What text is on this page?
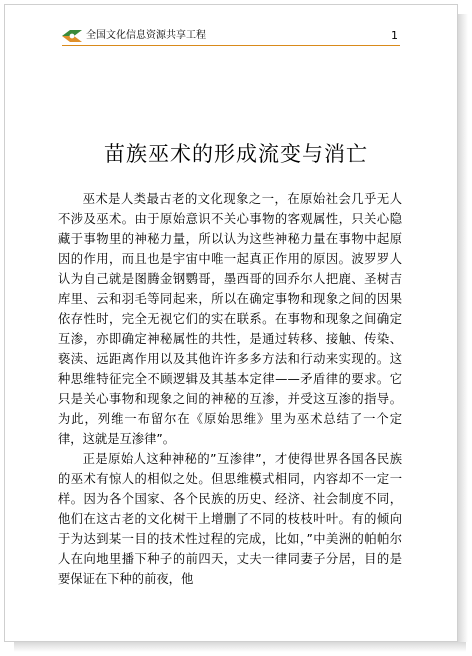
全国文化信息资源共享工程	1
苗族巫术的形成流变与消亡

巫术是人类最古老的文化现象之一，在原始社会几乎无人不涉及巫术。由于原始意识不关心事物的客观属性，只关心隐藏于事物里的神秘力量，所以认为这些神秘力量在事物中起原因的作用，而且也是宇宙中唯一起真正作用的原因。波罗罗人认为自己就是图腾金钢鹦哥，墨西哥的回乔尔人把鹿、圣树吉库里、云和羽毛等同起来，所以在确定事物和现象之间的因果依存性时，完全无视它们的实在联系。在事物和现象之间确定互渗，亦即确定神秘属性的共性，是通过转移、接触、传染、亵渎、远距离作用以及其他许许多多方法和行动来实现的。这种思维特征完全不顾逻辑及其基本定律——矛盾律的要求。它只是关心事物和现象之间的神秘的互渗，并受这互渗的指导。为此，列维一布留尔在《原始思维》里为巫术总结了一个定律，这就是互渗律”。

正是原始人这种神秘的”互渗律”，才使得世界各国各民族的巫术有惊人的相似之处。但思维模式相同，内容却不一定一样。因为各个国家、各个民族的历史、经济、社会制度不同，他们在这古老的文化树干上增删了不同的枝枝叶叶。有的倾向于为达到某一目的技术性过程的完成，比如，”中美洲的帕帕尔人在向地里播下种子的前四天，丈夫一律同妻子分居，目的是要保证在下种的前夜，他
